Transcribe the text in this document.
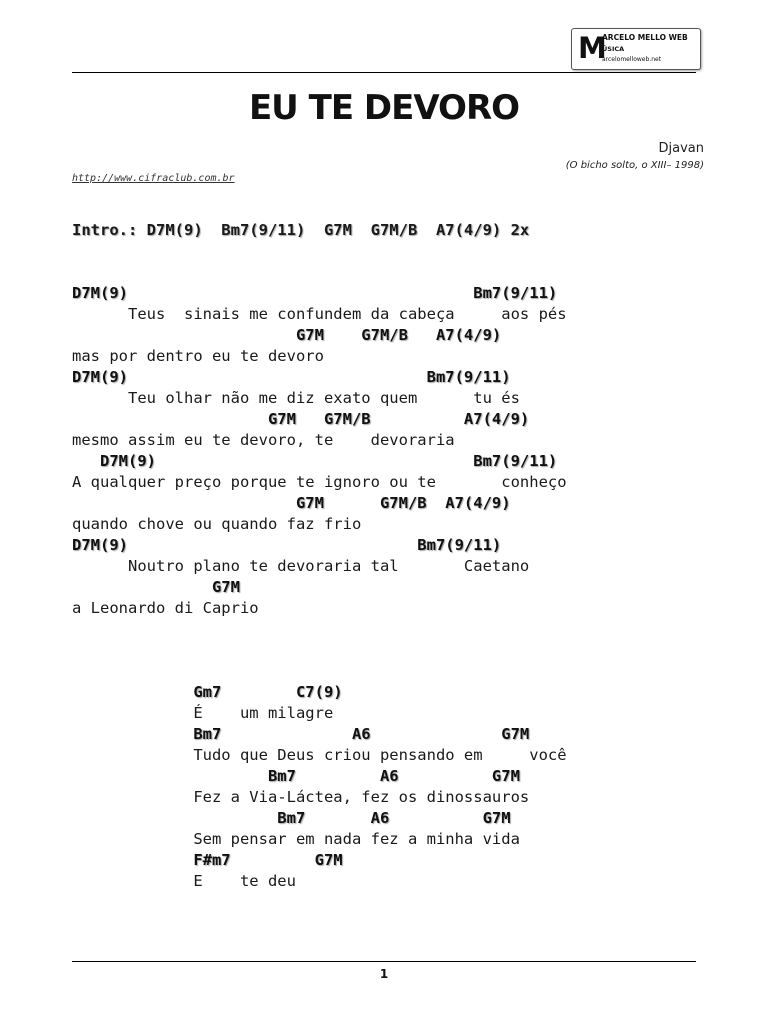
M
ARCELO MELLO WEB
ÚSICA
arcelomelloweb.net
EU TE DEVORO
Djavan
(O bicho solto, o XIII– 1998)
http://www.cifraclub.com.br
Intro.: D7M(9)  Bm7(9/11)  G7M  G7M/B  A7(4/9) 2x
D7M(9)                                     Bm7(9/11)
Teus  sinais me confundem da cabeça     aos pés
G7M    G7M/B   A7(4/9)
mas por dentro eu te devoro
D7M(9)                                Bm7(9/11)
Teu olhar não me diz exato quem      tu és
G7M   G7M/B          A7(4/9)
mesmo assim eu te devoro, te    devoraria
D7M(9)                                  Bm7(9/11)
A qualquer preço porque te ignoro ou te       conheço
G7M      G7M/B  A7(4/9)
quando chove ou quando faz frio
D7M(9)                               Bm7(9/11)
Noutro plano te devoraria tal       Caetano
G7M
a Leonardo di Caprio
Gm7        C7(9)
É    um milagre
Bm7              A6              G7M
Tudo que Deus criou pensando em     você
Bm7         A6          G7M
Fez a Via-Láctea, fez os dinossauros
Bm7       A6          G7M
Sem pensar em nada fez a minha vida
F#m7         G7M
E    te deu
1
